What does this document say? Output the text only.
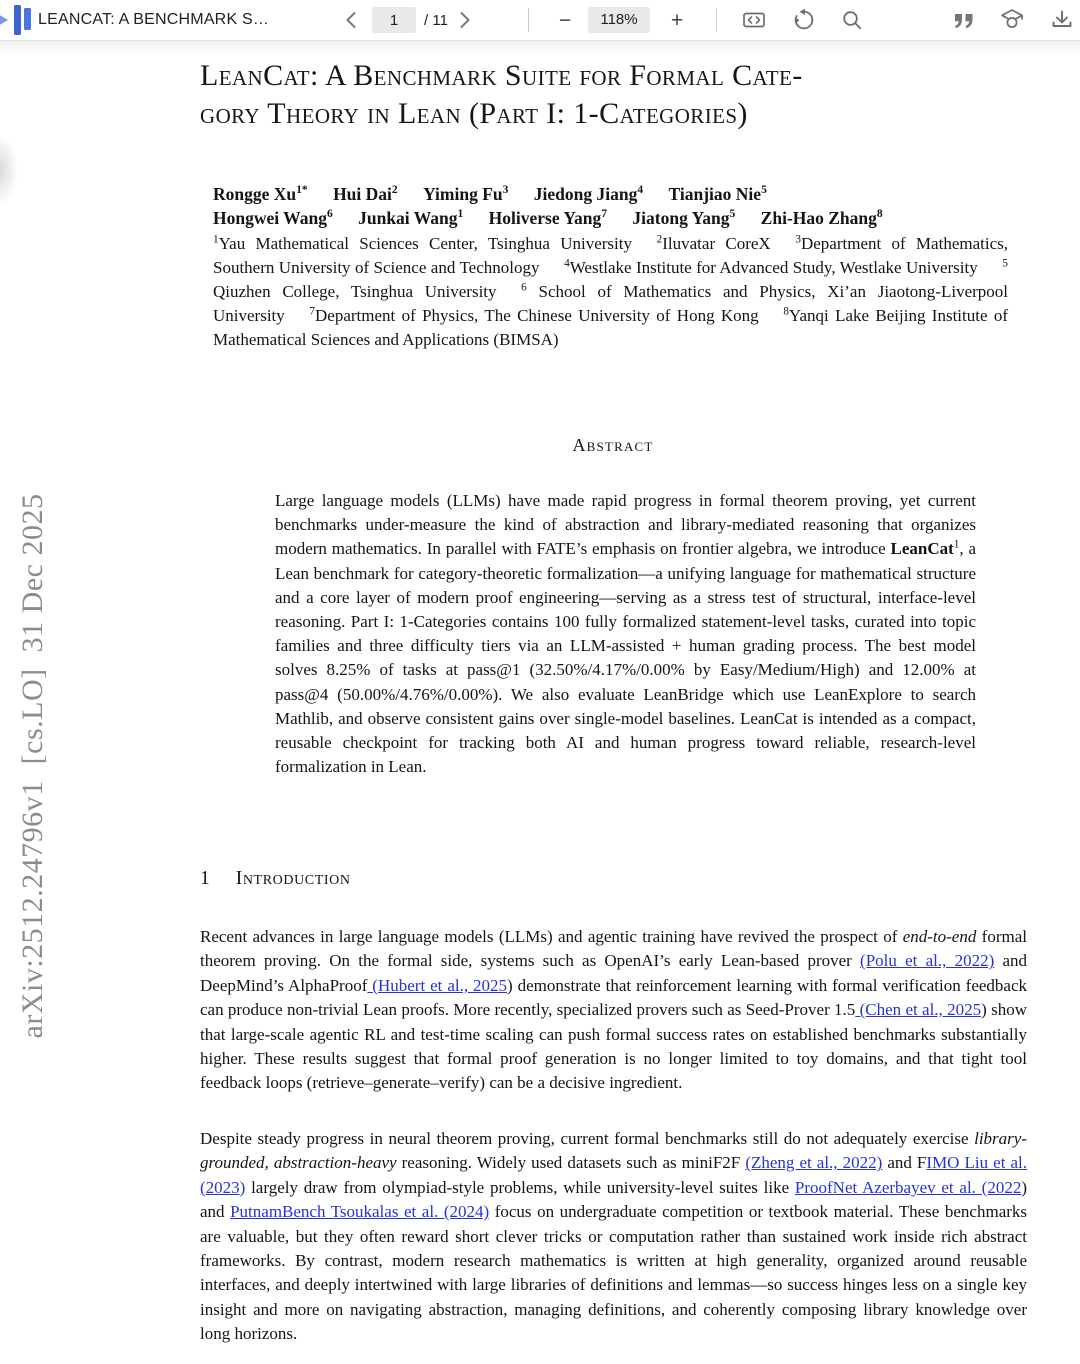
LEANCAT: A BENCHMARK S…
1	/ 11	−	118%	+
arXiv:2512.24796v1  [cs.LO]  31 Dec 2025
LeanCat: A Benchmark Suite for Formal Cate-
gory Theory in Lean (Part I: 1-Categories)
Rongge $Xu^{1*}$ Hui Dai$^2$ Yiming Fu$^3$ Jiedong Jiang$^4$ Tianjiao Nie$^5$
Hongwei Wang$^6$ Junkai Wang$^1$ Holiverse Yang$^7$ Jiatong Yang$^5$ Zhi-Hao Zhang$^8$
$^1$Yau Mathematical Sciences Center, Tsinghua University $^2$Iluvatar CoreX $^3$Department of Mathematics, Southern University of Science and Technology $^4$Westlake Institute for Advanced Study, Westlake University $^5$ Qiuzhen College, Tsinghua University $^6$ School of Mathematics and Physics, Xi’an Jiaotong-Liverpool University $^7$Department of Physics, The Chinese University of Hong Kong $^8$Yanqi Lake Beijing Institute of Mathematical Sciences and Applications (BIMSA)
Abstract
Large language models (LLMs) have made rapid progress in formal theorem proving, yet current benchmarks under-measure the kind of abstraction and library-mediated reasoning that organizes modern mathematics. In parallel with FATE’s emphasis on frontier algebra, we introduce LeanCat$^1$, a Lean benchmark for category-theoretic formalization—a unifying language for mathematical structure and a core layer of modern proof engineering—serving as a stress test of structural, interface-level reasoning. Part I: 1-Categories contains 100 fully formalized statement-level tasks, curated into topic families and three difficulty tiers via an LLM-assisted + human grading process. The best model solves 8.25% of tasks at pass@1 (32.50%/4.17%/0.00% by Easy/Medium/High) and 12.00% at pass@4 (50.00%/4.76%/0.00%). We also evaluate LeanBridge which use LeanExplore to search Mathlib, and observe consistent gains over single-model baselines. LeanCat is intended as a compact, reusable checkpoint for tracking both AI and human progress toward reliable, research-level formalization in Lean.
1 Introduction
Recent advances in large language models (LLMs) and agentic training have revived the prospect of end-to-end formal theorem proving. On the formal side, systems such as OpenAI’s early Lean-based prover (Polu et al., 2022) and DeepMind’s AlphaProof (Hubert et al., 2025) demonstrate that reinforcement learning with formal verification feedback can produce non-trivial Lean proofs. More recently, specialized provers such as Seed-Prover 1.5 (Chen et al., 2025) show that large-scale agentic RL and test-time scaling can push formal success rates on established benchmarks substantially higher. These results suggest that formal proof generation is no longer limited to toy domains, and that tight tool feedback loops (retrieve–generate–verify) can be a decisive ingredient.
Despite steady progress in neural theorem proving, current formal benchmarks still do not adequately exercise library-grounded, abstraction-heavy reasoning. Widely used datasets such as miniF2F (Zheng et al., 2022) and FIMO Liu et al. (2023) largely draw from olympiad-style problems, while university-level suites like ProofNet Azerbayev et al. (2022) and PutnamBench Tsoukalas et al. (2024) focus on undergraduate competition or textbook material. These benchmarks are valuable, but they often reward short clever tricks or computation rather than sustained work inside rich abstract frameworks. By contrast, modern research mathematics is written at high generality, organized around reusable interfaces, and deeply intertwined with large libraries of definitions and lemmas—so success hinges less on a single key insight and more on navigating abstraction, managing definitions, and coherently composing library knowledge over long horizons.
